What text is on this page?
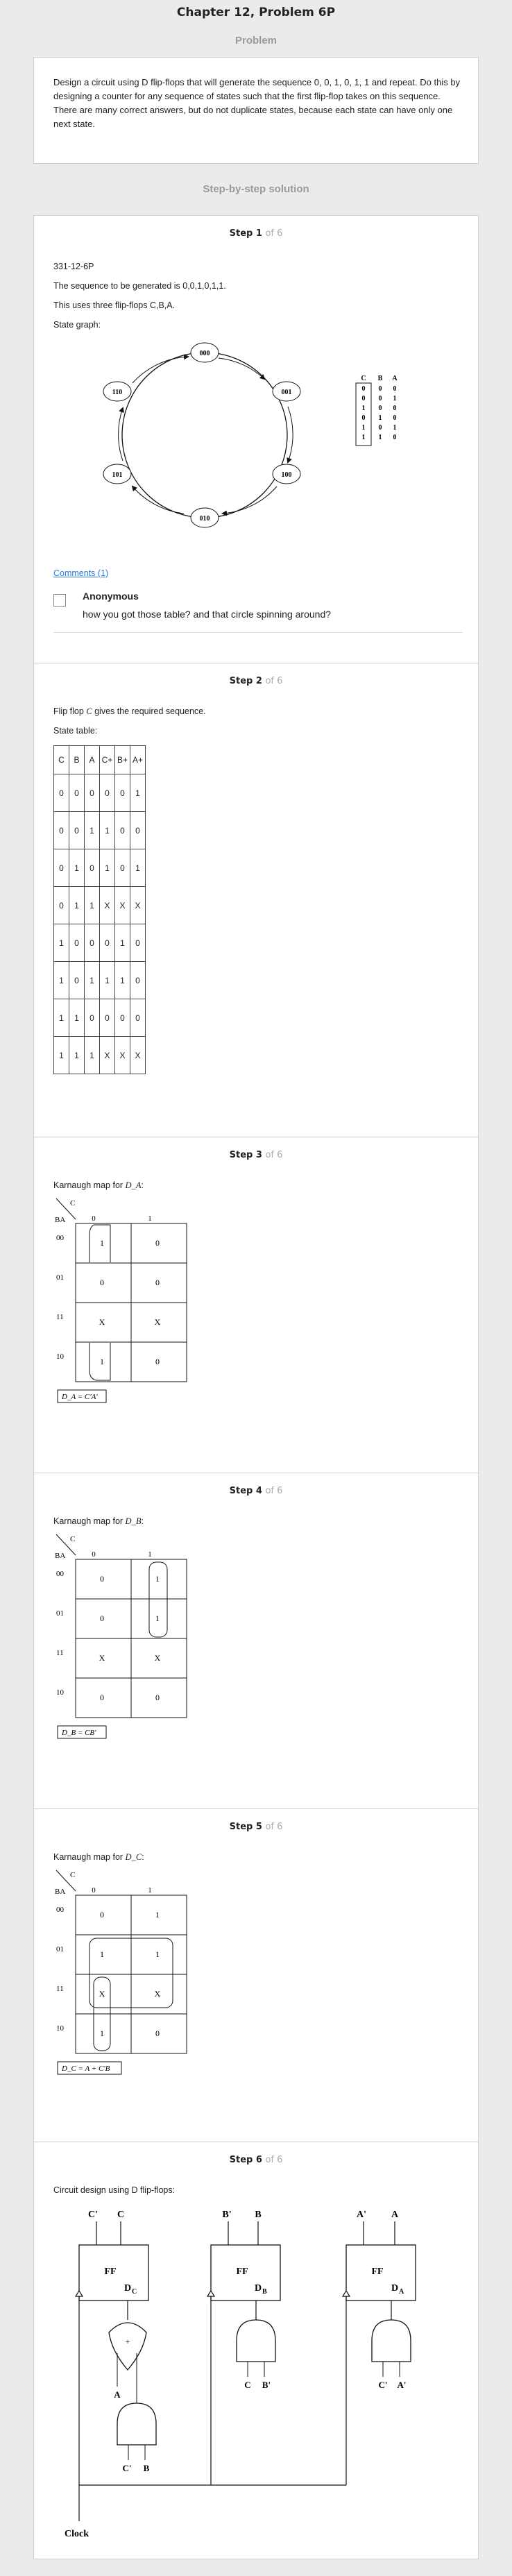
Chapter 12, Problem 6P
Problem
Design a circuit using D flip-flops that will generate the sequence 0, 0, 1, 0, 1, 1 and repeat. Do this by designing a counter for any sequence of states such that the first flip-flop takes on this sequence. There are many correct answers, but do not duplicate states, because each state can have only one next state.
Step-by-step solution
Step 1 of 6
331-12-6P
The sequence to be generated is 0,0,1,0,1,1.
This uses three flip-flops C,B,A.
State graph:
000
001
100
010
101
110
C B A
0 0 0
0 0 1
1 0 0
0 1 0
1 0 1
1 1 0
Comments (1)
Anonymous
how you got those table? and that circle spinning around?
Step 2 of 6
Flip flop C gives the required sequence.
State table:
C	B	A	C+	B+	A+
0	0	0	0	0	1
0	0	1	1	0	0
0	1	0	1	0	1
0	1	1	X	X	X
1	0	0	0	1	0
1	0	1	1	1	0
1	1	0	0	0	0
1	1	1	X	X	X
Step 3 of 6
Karnaugh map for D_A:
C
BA	0	1
00
01
11
10
1	0
0	0
X	X
1	0
D_A = C'A'
Step 4 of 6
Karnaugh map for D_B:
C
BA	0	1
00
01
11
10
0	1
0	1
X	X
0	0
D_B = CB'
Step 5 of 6
Karnaugh map for D_C:
C
BA	0	1
00
01
11
10
0	1
1	1
X	X
1	0
D_C = A + C'B
Step 6 of 6
Circuit design using D flip-flops:
C' C	B' B	A'	A
FF
D C
FF
D B
FF
D A
+
A
C' B
C B'	C' A'
Clock
